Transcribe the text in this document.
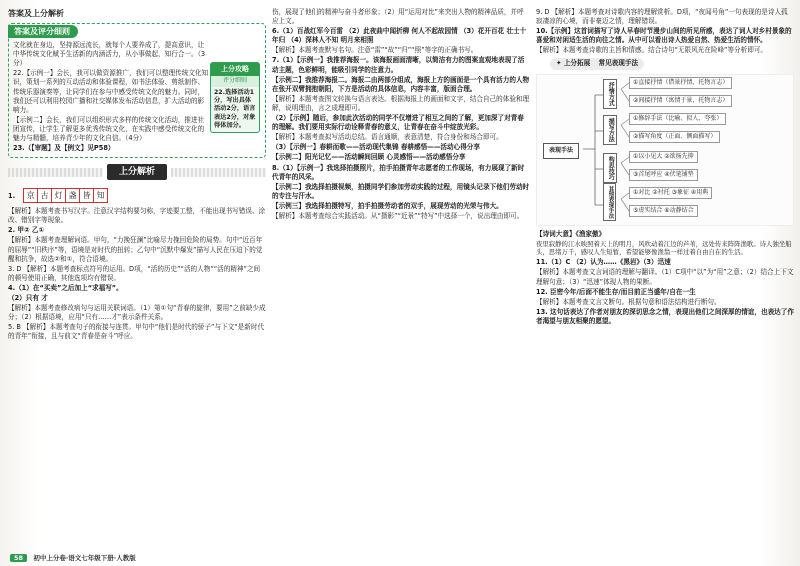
答案及上分解析
答案及评分细则

文化就在身边，坚持源远流长，就每个人要养成了，提高意识，让中华传统文化赋予生活新的内涵活力，从小事做起，知行合一。（3分）

22.【示例一】会长，我可以做资源推广，我们可以整理传统文化知识，策划一系列的互动活动和体验课程，如书法体验、剪纸制作、传统乐器演奏等，让同学们在参与中感受传统文化的魅力。同时，我们还可以利用校园广播和社交媒体发布活动信息，扩大活动的影响力。

【示例二】会长，我们可以组织形式多样的传统文化活动，推进社团宣传，让学生了解更多优秀传统文化，在实践中感受传统文化的魅力与精髓，培养青少年的文化自信。（4分）

23.（【审题】及【例文】见P58）

上分攻略
评分细则
22.选择活动1分，写出具体活动2分，语言表达2分，对象得体加分。
上分解析
1.	京 古 灯 盏 皆 知

【解析】本题考查书写汉字。注意汉字结构要匀称，字迹要工整，不能出现书写错误、涂改、错别字等现象。

2. 甲② 乙①

【解析】本题考查理解词语。甲句，“力挽狂澜”比喻尽力挽回危险的局势。句中“近百年的屈辱”“旧秩序”等，语境是对时代的扭转；乙句中“沉默中爆发”描写人民在压迫下的觉醒和抗争，故选②和①，符合语境。

3. D 【解析】本题考查标点符号的运用。D项，“活的历史”“活的人物”“活的精神”之间的顿号使用正确，其他选项均有错误。

4.（1）在“买卖”之后加上“求福写”。

（2）只有 才

【解析】本题考查修改病句与运用关联词语。（1）第①句“青春的旋律，要用”之前缺少成分；（2）根据语境，应用“只有……才”表示条件关系。

5. B 【解析】本题考查句子的衔接与连贯。甲句中“他们是时代的骄子”与下文“是新时代的青年”衔接，且与前文“青春是奋斗”呼应。

伤，展现了他们的精神与奋斗者形象；（2）用“运用对比”来突出人物的精神品质，并呼应上文。

6.（1）百战红军今百雷 （2）此夜曲中闻折柳 何人不起故园情 （3）花开百花 壮士十年归 （4）深林人不知 明月来相照

【解析】本题考查默写名句。注意“雷”“故”“归”“照”等字的正确书写。

7.（1）【示例一】我推荐海报一。该海报画面清晰，以简洁有力的图案直观地表现了活动主题，色彩鲜明，能吸引同学的注意力。

【示例二】我推荐海报二。海报二由两部分组成，海报上方的画面是一个具有活力的人物在张开双臂拥抱朝阳，下方是活动的具体信息，内容丰富，版面合理。

【解析】本题考查图文转换与语言表达。根据海报上的画面和文字，结合自己的体验和理解，说明理由，言之成理即可。

（2）【示例】随后，参加此次活动的同学不仅增进了相互之间的了解，更加深了对青春的理解。我们要用实际行动诠释青春的意义，让青春在奋斗中绽放光彩。

【解析】本题考查拟写活动总结。语言通顺，表意清楚，符合身份和场合即可。

（3）【示例一】春耕而歌——活动现代集锦 春耕感悟——活动心得分享

【示例二】阳光记忆——活动瞬间回顾 心灵感悟——活动感悟分享

8.（1）【示例一】我选择拍摄照片，拍手拍摄青年志愿者的工作现场，有力展现了新时代青年的风采。

【示例二】我选择拍摄视频，拍摄同学们参加劳动实践的过程，用镜头记录下他们劳动时的专注与汗水。

【示例三】我选择拍摄特写，拍手拍摄劳动者的双手，展现劳动的光荣与伟大。

【解析】本题考查综合实践活动。从“摄影”“近景”“特写”中选择一个，说出理由即可。

9. D 【解析】本题考查对诗歌内容的理解赏析。D项，“夜闻号角”一句表现的是诗人孤寂凄凉的心境，而非豪迈之情，理解错误。

10.【示例】这首词描写了诗人早春时节漫步山间的所见所感，表达了词人对乡村景象的喜爱和对闲适生活的向往之情。从中可以看出诗人热爱自然、热爱生活的情怀。

【解析】本题考查诗歌的主旨和情感。结合诗句“无限风光在险峰”等分析即可。

✦ 上分拓展 常见表现手法
表现手法
抒情方式
描写方法
构思技巧
其他表现手法
①直接抒情（借景抒情、托物言志）
②间接抒情（寓情于景、托物言志）
①修辞手法（比喻、拟人、夸张）
②描写角度（正面、侧面描写）
①以小见大 ②欲扬先抑
③首尾呼应 ④伏笔铺垫
①对比 ②衬托 ③象征 ④用典
⑤虚实结合 ⑥动静结合

【诗词大意】《渔家傲》

夜里寂静的江水映照着天上的明月，风吹动着江边的芦苇，远处传来阵阵渔歌。诗人独坐船头，思绪万千，感叹人生短暂，希望能够像渔翁一样过着自由自在的生活。

11.（1）C （2）认为……《黑岩》（3）迅速

【解析】本题考查文言词语的理解与翻译。（1）C项中“以”为“用”之意；（2）结合上下文理解句意；（3）“迅速”体现人物的果断。

12. 臣密今年/后面不能生存/而目前正当盛年/自在一生

【解析】本题考查文言文断句。根据句意和语法结构进行断句。

13. 这句话表达了作者对朋友的深切思念之情，表现出他们之间深厚的情谊，也表达了作者渴望与朋友相聚的愿望。

58 初中上分卷·语文七年级下册·人教版
